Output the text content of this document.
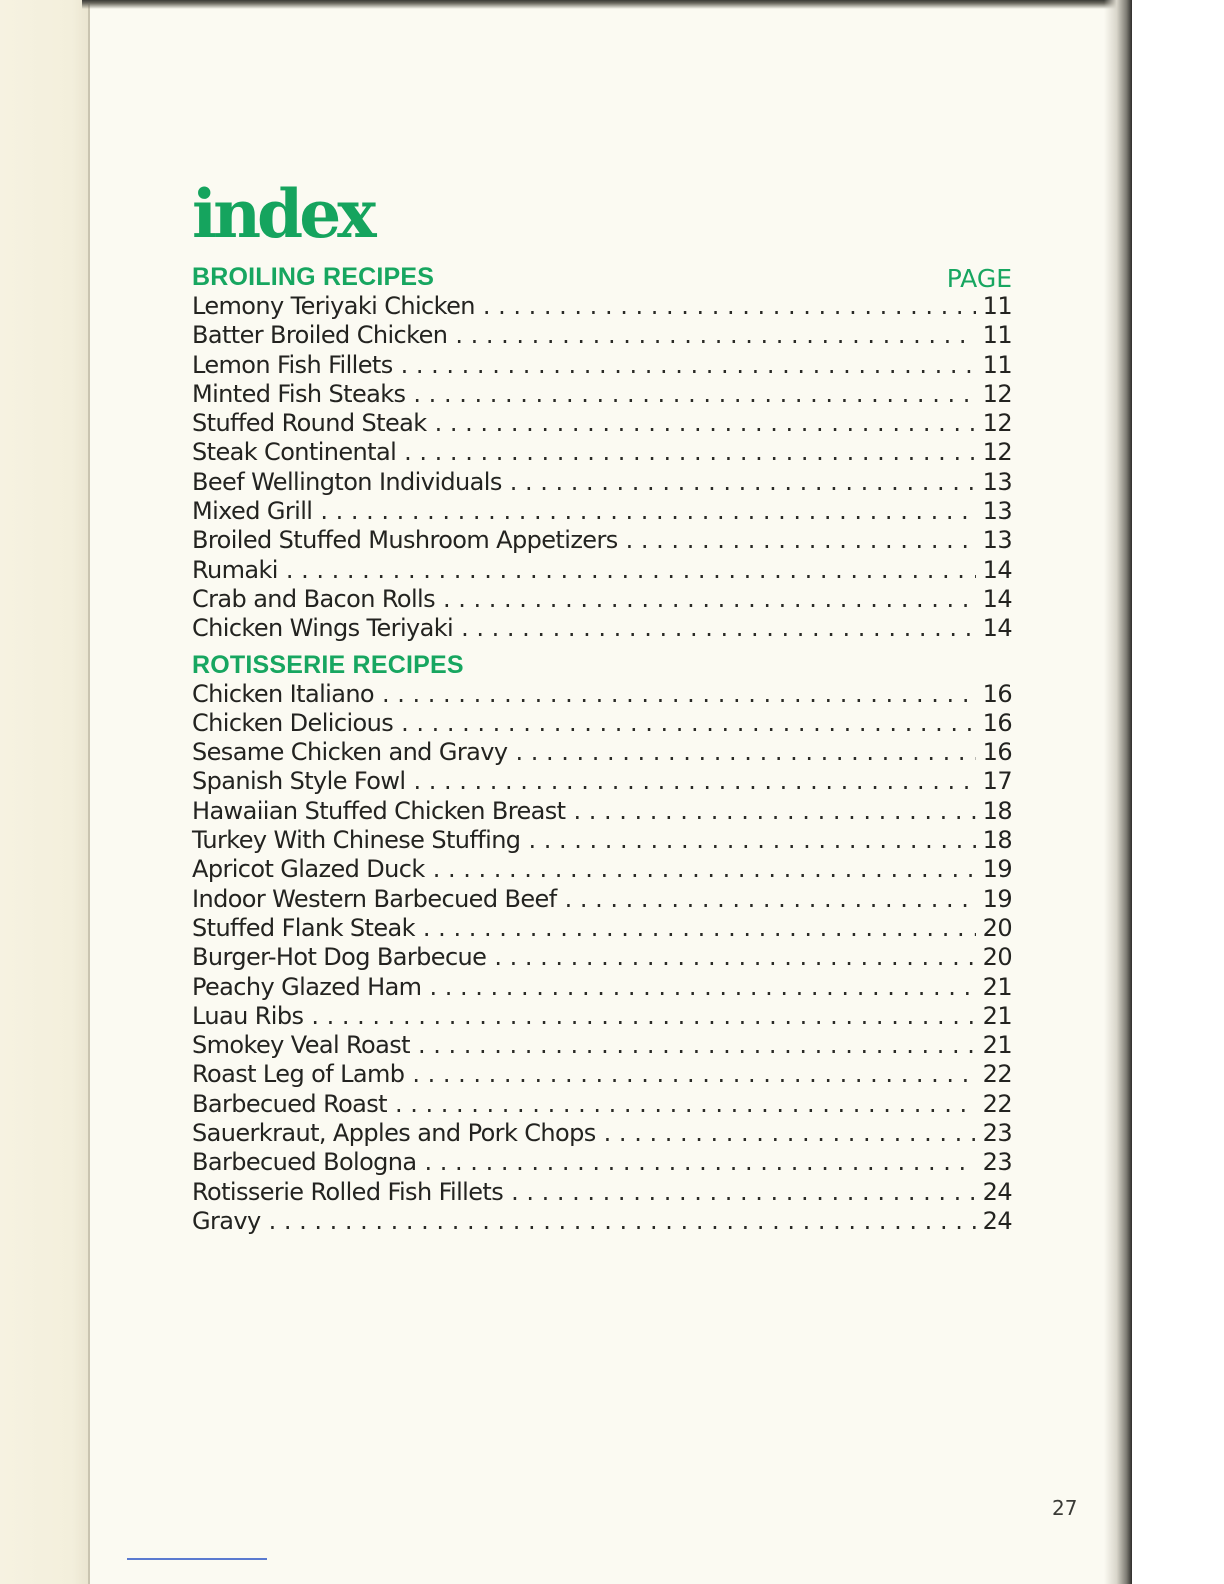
index
BROILING RECIPES	PAGE
Lemony Teriyaki Chicken . . .	11
Batter Broiled Chicken . . .	11
Lemon Fish Fillets . . .	11
Minted Fish Steaks . . .	12
Stuffed Round Steak . . .	12
Steak Continental . . .	12
Beef Wellington Individuals . . .	13
Mixed Grill . . .	13
Broiled Stuffed Mushroom Appetizers . . .	13
Rumaki . . .	14
Crab and Bacon Rolls . . .	14
Chicken Wings Teriyaki . . .	14
ROTISSERIE RECIPES
Chicken Italiano . . .	16
Chicken Delicious . . .	16
Sesame Chicken and Gravy . . .	16
Spanish Style Fowl . . .	17
Hawaiian Stuffed Chicken Breast . . .	18
Turkey With Chinese Stuffing . . .	18
Apricot Glazed Duck . . .	19
Indoor Western Barbecued Beef . . .	19
Stuffed Flank Steak . . .	20
Burger-Hot Dog Barbecue . . .	20
Peachy Glazed Ham . . .	21
Luau Ribs . . .	21
Smokey Veal Roast . . .	21
Roast Leg of Lamb . . .	22
Barbecued Roast . . .	22
Sauerkraut, Apples and Pork Chops . . .	23
Barbecued Bologna . . .	23
Rotisserie Rolled Fish Fillets . . .	24
Gravy . . .	24
27
